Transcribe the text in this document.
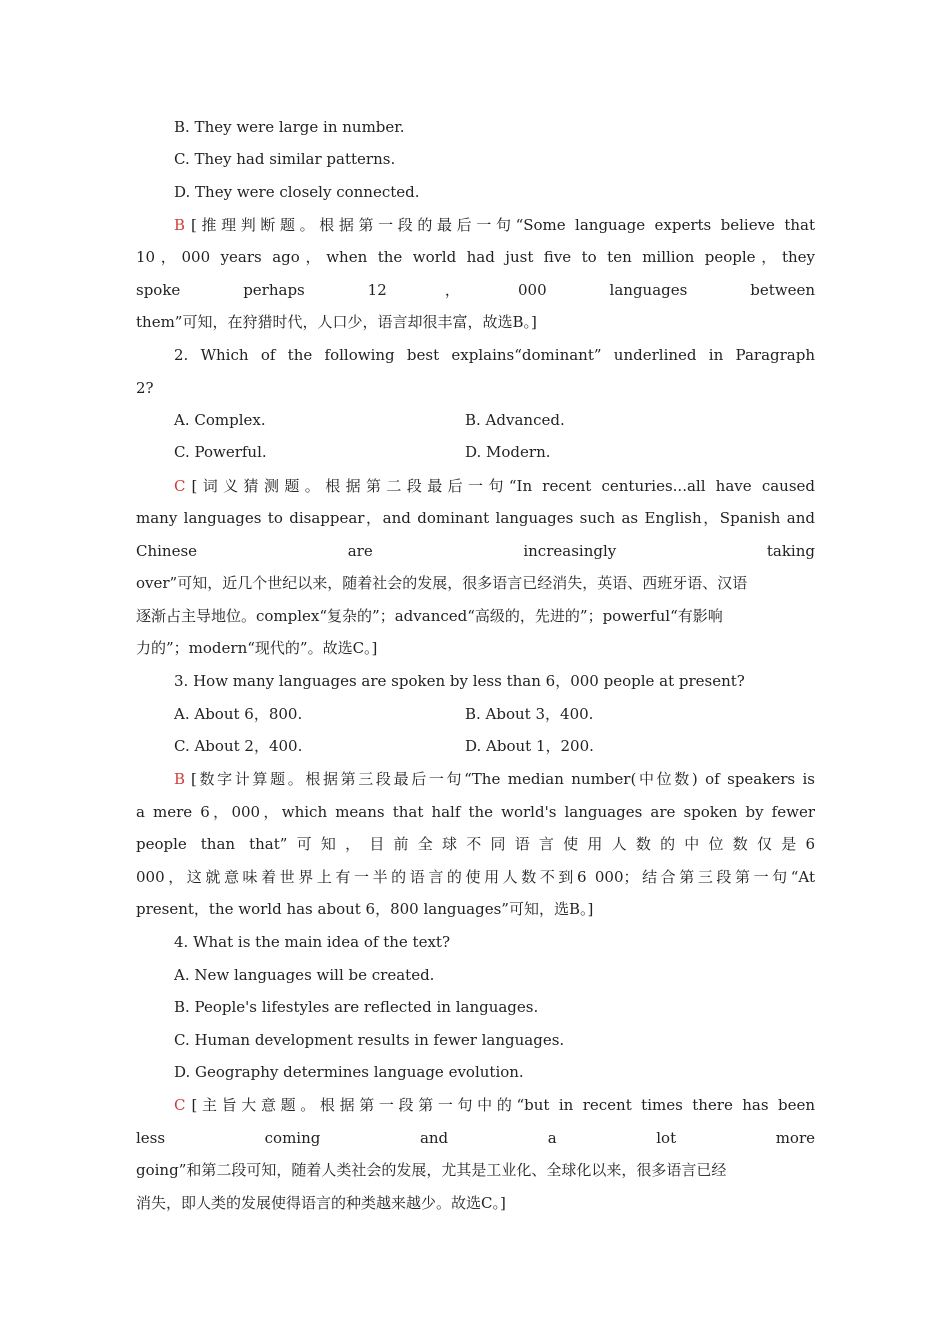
B. They were large in number.
C. They had similar patterns.
D. They were closely connected.
B [推理判断题。根据第一段的最后一句“Some language experts believe that
10，000 years ago，when the world had just five to ten million people，they
spoke perhaps 12，000 languages between
them”可知，在狩猎时代，人口少，语言却很丰富，故选B。]
2. Which of the following best explains“dominant” underlined in Paragraph
2?
A. Complex.	B. Advanced.
C. Powerful.	D. Modern.
C [词义猜测题。根据第二段最后一句“In recent centuries...all have caused
many languages to disappear，and dominant languages such as English，Spanish and
Chinese are increasingly taking
over”可知，近几个世纪以来，随着社会的发展，很多语言已经消失，英语、西班牙语、汉语
逐渐占主导地位。complex“复杂的”；advanced“高级的，先进的”；powerful“有影响
力的”；modern“现代的”。故选C。]
3. How many languages are spoken by less than 6，000 people at present?
A. About 6，800.	B. About 3，400.
C. About 2，400.	D. About 1，200.
B [数字计算题。根据第三段最后一句“The median number(中位数) of speakers is
a mere 6，000，which means that half the world's languages are spoken by fewer
people than that”可知，目前全球不同语言使用人数的中位数仅是6
000，这就意味着世界上有一半的语言的使用人数不到6 000；结合第三段第一句“At
present，the world has about 6，800 languages”可知，选B。]
4. What is the main idea of the text?
A. New languages will be created.
B. People's lifestyles are reflected in languages.
C. Human development results in fewer languages.
D. Geography determines language evolution.
C [主旨大意题。根据第一段第一句中的“but in recent times there has been
less coming and a lot more
going”和第二段可知，随着人类社会的发展，尤其是工业化、全球化以来，很多语言已经
消失，即人类的发展使得语言的种类越来越少。故选C。]
